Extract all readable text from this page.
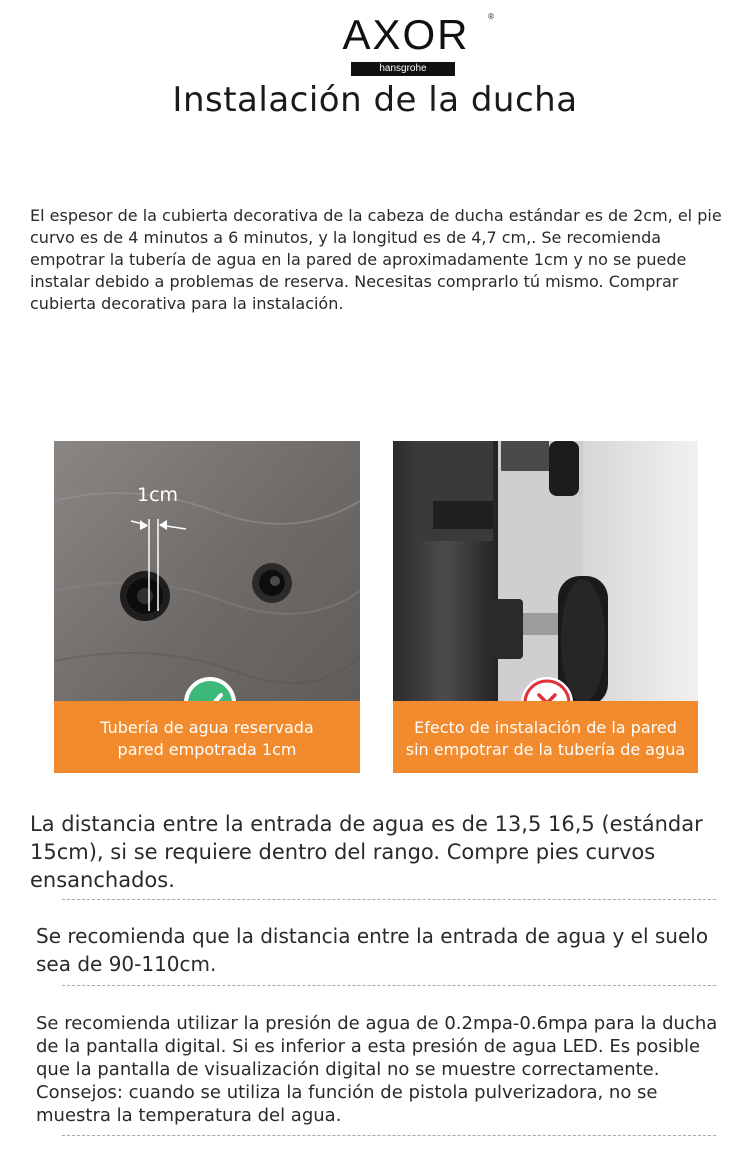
AXOR	®
hansgrohe
Instalación de la ducha

El espesor de la cubierta decorativa de la cabeza de ducha estándar es de 2cm, el pie curvo es de 4 minutos a 6 minutos, y la longitud es de 4,7 cm,. Se recomienda empotrar la tubería de agua en la pared de aproximadamente 1cm y no se puede instalar debido a problemas de reserva. Necesitas comprarlo tú mismo. Comprar cubierta decorativa para la instalación.

1cm
Tubería de agua reservada
pared empotrada 1cm
Efecto de instalación de la pared
sin empotrar de la tubería de agua

La distancia entre la entrada de agua es de 13,5 16,5 (estándar 15cm), si se requiere dentro del rango. Compre pies curvos ensanchados.

Se recomienda que la distancia entre la entrada de agua y el suelo sea de 90-110cm.

Se recomienda utilizar la presión de agua de 0.2mpa-0.6mpa para la ducha de la pantalla digital. Si es inferior a esta presión de agua LED. Es posible que la pantalla de visualización digital no se muestre correctamente. Consejos: cuando se utiliza la función de pistola pulverizadora, no se muestra la temperatura del agua.
